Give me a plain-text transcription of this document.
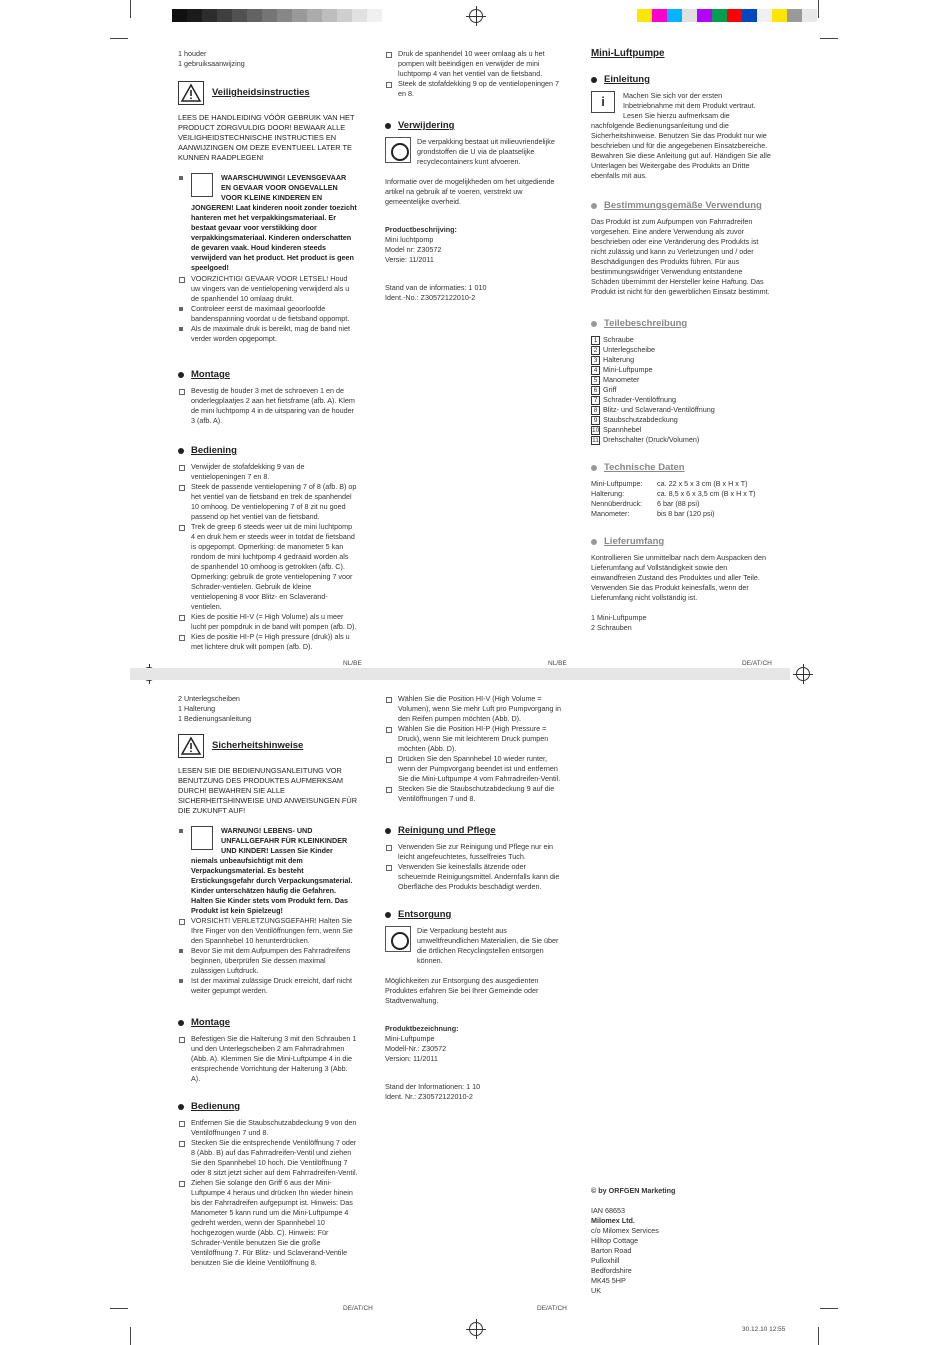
1 houder

1 gebruiksaanwijzing

Veiligheidsinstructies

LEES DE HANDLEIDING VÓÓR GEBRUIK VAN HET PRODUCT ZORGVULDIG DOOR! BEWAAR ALLE VEILIGHEIDSTECHNISCHE INSTRUCTIES EN AANWIJZINGEN OM DEZE EVENTUEEL LATER TE KUNNEN RAADPLEGEN!

WAARSCHUWING! LEVENSGEVAAR EN GEVAAR VOOR ONGEVALLEN VOOR KLEINE KINDEREN EN JONGEREN! Laat kinderen nooit zonder toezicht hanteren met het verpakkingsmateriaal. Er bestaat gevaar voor verstikking door verpakkingsmateriaal. Kinderen onderschatten de gevaren vaak. Houd kinderen steeds verwijderd van het product. Het product is geen speelgoed!

VOORZICHTIG! GEVAAR VOOR LETSEL! Houd uw vingers van de ventielopening verwijderd als u de spanhendel 10 omlaag drukt.

Controleer eerst de maximaal geoorloofde bandenspanning voordat u de fietsband oppompt.

Als de maximale druk is bereikt, mag de band niet verder worden opgepompt.

Montage

Bevestig de houder 3 met de schroeven 1 en de onderlegplaatjes 2 aan het fietsframe (afb. A). Klem de mini luchtpomp 4 in de uitsparing van de houder 3 (afb. A).

Bediening

Verwijder de stofafdekking 9 van de ventielopeningen 7 en 8.

Steek de passende ventielopening 7 of 8 (afb. B) op het ventiel van de fietsband en trek de spanhendel 10 omhoog. De ventielopening 7 of 8 zit nu goed passend op het ventiel van de fietsband.

Trek de greep 6 steeds weer uit de mini luchtpomp 4 en druk hem er steeds weer in totdat de fietsband is opgepompt. Opmerking: de manometer 5 kan rondom de mini luchtpomp 4 gedraaid worden als de spanhendel 10 omhoog is getrokken (afb. C). Opmerking: gebruik de grote ventielopening 7 voor Schrader-ventielen. Gebruik de kleine ventielopening 8 voor Blitz- en Sclaverand-ventielen.

Kies de positie HI-V (= High Volume) als u meer lucht per pompdruk in de band wilt pompen (afb. D).

Kies de positie HI-P (= High pressure (druk)) als u met lichtere druk wilt pompen (afb. D).

Druk de spanhendel 10 weer omlaag als u het pompen wilt beëindigen en verwijder de mini luchtpomp 4 van het ventiel van de fietsband.

Steek de stofafdekking 9 op de ventielopeningen 7 en 8.

Verwijdering

De verpakking bestaat uit milieuvriendelijke grondstoffen die U via de plaatselijke recyclecontainers kunt afvoeren.

Informatie over de mogelijkheden om het uitgediende artikel na gebruik af te voeren, verstrekt uw gemeentelijke overheid.

Productbeschrijving:

Mini luchtpomp

Model nr: Z30572

Versie: 11/2011

Stand van de informaties: 1 010

Ident.-No.: Z30572122010-2

Mini-Luftpumpe

Einleitung
i	Machen Sie sich vor der ersten Inbetriebnahme mit dem Produkt vertraut. Lesen Sie hierzu aufmerksam die nachfolgende Bedienungsanleitung und die Sicherheitshinweise. Benutzen Sie das Produkt nur wie beschrieben und für die angegebenen Einsatzbereiche. Bewahren Sie diese Anleitung gut auf. Händigen Sie alle Unterlagen bei Weitergabe des Produkts an Dritte ebenfalls mit aus.
Bestimmungsgemäße Verwendung

Das Produkt ist zum Aufpumpen von Fahrradreifen vorgesehen. Eine andere Verwendung als zuvor beschrieben oder eine Veränderung des Produkts ist nicht zulässig und kann zu Verletzungen und / oder Beschädigungen des Produkts führen. Für aus bestimmungswidriger Verwendung entstandene Schäden übernimmt der Hersteller keine Haftung. Das Produkt ist nicht für den gewerblichen Einsatz bestimmt.

Teilebeschreibung
1 Schraube
2 Unterlegscheibe
3 Halterung
4 Mini-Luftpumpe
5 Manometer
6 Griff
7 Schrader-Ventilöffnung
8 Blitz- und Sclaverand-Ventilöffnung
9 Staubschutzabdeckung
10 Spannhebel
11 Drehschalter (Druck/Volumen)
Technische Daten
Mini-Luftpumpe:	ca. 22 x 5 x 3 cm (B x H x T)
Halterung:	ca. 8,5 x 6 x 3,5 cm (B x H x T)
Nennüberdruck:	6 bar (88 psi)
Manometer:	bis 8 bar (120 psi)
Lieferumfang

Kontrollieren Sie unmittelbar nach dem Auspacken den Lieferumfang auf Vollständigkeit sowie den einwandfreien Zustand des Produktes und aller Teile. Verwenden Sie das Produkt keinesfalls, wenn der Lieferumfang nicht vollständig ist.

1 Mini-Luftpumpe

2 Schrauben

NL/BE	NL/BE	DE/AT/CH

2 Unterlegscheiben

1 Halterung

1 Bedienungsanleitung

Sicherheitshinweise

LESEN SIE DIE BEDIENUNGSANLEITUNG VOR BENUTZUNG DES PRODUKTES AUFMERKSAM DURCH! BEWAHREN SIE ALLE SICHERHEITSHINWEISE UND ANWEISUNGEN FÜR DIE ZUKUNFT AUF!

WARNUNG! LEBENS- UND UNFALLGEFAHR FÜR KLEINKINDER UND KINDER! Lassen Sie Kinder niemals unbeaufsichtigt mit dem Verpackungsmaterial. Es besteht Erstickungsgefahr durch Verpackungsmaterial. Kinder unterschätzen häufig die Gefahren. Halten Sie Kinder stets vom Produkt fern. Das Produkt ist kein Spielzeug!

VORSICHT! VERLETZUNGSGEFAHR! Halten Sie Ihre Finger von den Ventilöffnungen fern, wenn Sie den Spannhebel 10 herunterdrücken.

Bevor Sie mit dem Aufpumpen des Fahrradreifens beginnen, überprüfen Sie dessen maximal zulässigen Luftdruck.

Ist der maximal zulässige Druck erreicht, darf nicht weiter gepumpt werden.

Montage

Befestigen Sie die Halterung 3 mit den Schrauben 1 und den Unterlegscheiben 2 am Fahrradrahmen (Abb. A). Klemmen Sie die Mini-Luftpumpe 4 in die entsprechende Vorrichtung der Halterung 3 (Abb. A).

Bedienung

Entfernen Sie die Staubschutzabdeckung 9 von den Ventilöffnungen 7 und 8.

Stecken Sie die entsprechende Ventilöffnung 7 oder 8 (Abb. B) auf das Fahrradreifen-Ventil und ziehen Sie den Spannhebel 10 hoch. Die Ventilöffnung 7 oder 8 sitzt jetzt sicher auf dem Fahrradreifen-Ventil.

Ziehen Sie solange den Griff 6 aus der Mini-Luftpumpe 4 heraus und drücken Ihn wieder hinein bis der Fahrradreifen aufgepumpt ist. Hinweis: Das Manometer 5 kann rund um die Mini-Luftpumpe 4 gedreht werden, wenn der Spannhebel 10 hochgezogen wurde (Abb. C). Hinweis: Für Schrader-Ventile benutzen Sie die große Ventilöffnung 7. Für Blitz- und Sclaverand-Ventile benutzen Sie die kleine Ventilöffnung 8.

Wählen Sie die Position HI-V (High Volume = Volumen), wenn Sie mehr Luft pro Pumpvorgang in den Reifen pumpen möchten (Abb. D).

Wählen Sie die Position HI-P (High Pressure = Druck), wenn Sie mit leichterem Druck pumpen möchten (Abb. D).

Drücken Sie den Spannhebel 10 wieder runter, wenn der Pumpvorgang beendet ist und entfernen Sie die Mini-Luftpumpe 4 vom Fahrradreifen-Ventil.

Stecken Sie die Staubschutzabdeckung 9 auf die Ventilöffnungen 7 und 8.

Reinigung und Pflege

Verwenden Sie zur Reinigung und Pflege nur ein leicht angefeuchtetes, fusselfreies Tuch.

Verwenden Sie keinesfalls ätzende oder scheuernde Reinigungsmittel. Andernfalls kann die Oberfläche des Produkts beschädigt werden.

Entsorgung

Die Verpackung besteht aus umweltfreundlichen Materialien, die Sie über die örtlichen Recyclingstellen entsorgen können.

Möglichkeiten zur Entsorgung des ausgedienten Produktes erfahren Sie bei Ihrer Gemeinde oder Stadtverwaltung.

Produktbezeichnung:

Mini-Luftpumpe

Modell-Nr.: Z30572

Version: 11/2011

Stand der Informationen: 1 10

Ident. Nr.: Z30572122010-2

© by ORFGEN Marketing

IAN 68653

Milomex Ltd.

c/o Milomex Services

Hilltop Cottage

Barton Road

Pulloxhill

Bedfordshire

MK45 5HP

UK

DE/AT/CH	DE/AT/CH
30.12.10 12:55
